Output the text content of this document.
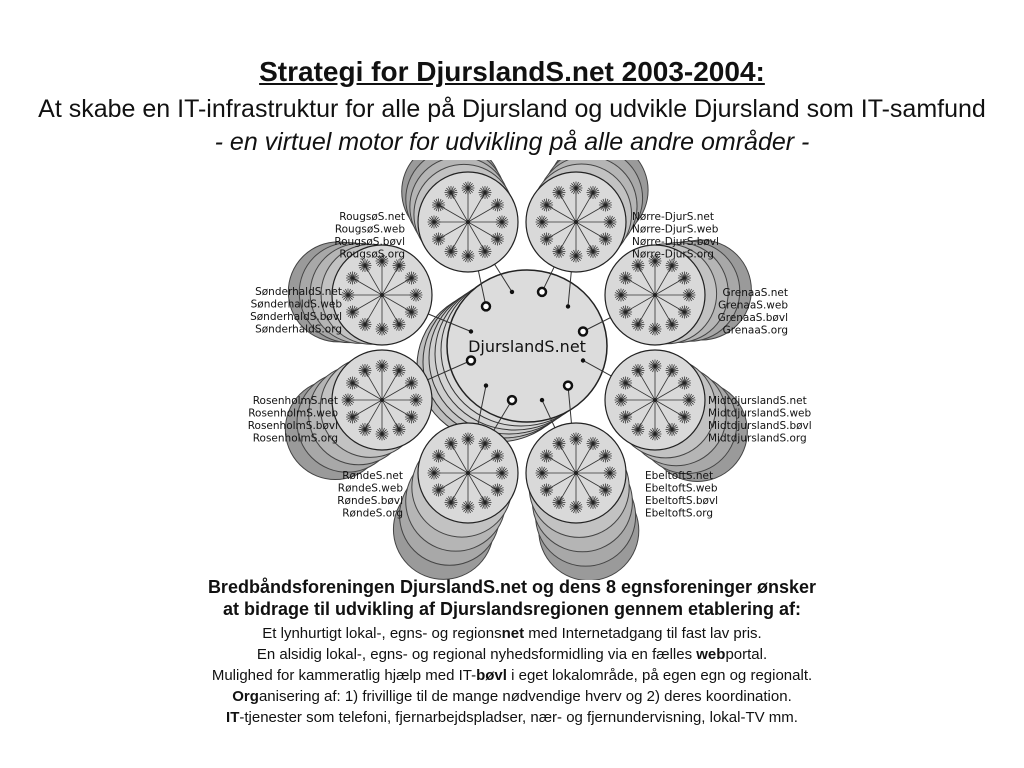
Strategi for DjurslandS.net 2003-2004:
At skabe en IT-infrastruktur for alle på Djursland og udvikle Djursland som IT-samfund
- en virtuel motor for udvikling på alle andre områder -
DjurslandS.net
RougsøS.net
RougsøS.web
RougsøS.bøvl
RougsøS.org
Nørre-DjurS.net
Nørre-DjurS.web
Nørre-DjurS.bøvl
Nørre-DjurS.org
GrenaaS.net
GrenaaS.web
GrenaaS.bøvl
GrenaaS.org
MidtdjurslandS.net
MidtdjurslandS.web
MidtdjurslandS.bøvl
MidtdjurslandS.org
EbeltoftS.net
EbeltoftS.web
EbeltoftS.bøvl
EbeltoftS.org
RøndeS.net
RøndeS.web
RøndeS.bøvl
RøndeS.org
RosenholmS.net
RosenholmS.web
RosenholmS.bøvl
RosenholmS.org
SønderhaldS.net
SønderhaldS.web
SønderhaldS.bøvl
SønderhaldS.org
Bredbåndsforeningen DjurslandS.net og dens 8 egnsforeninger ønsker
at bidrage til udvikling af Djurslandsregionen gennem etablering af:
Et lynhurtigt lokal-, egns- og regionsnet med Internetadgang til fast lav pris.
En alsidig lokal-, egns- og regional nyhedsformidling via en fælles webportal.
Mulighed for kammeratlig hjælp med IT-bøvl i eget lokalområde, på egen egn og regionalt.
Organisering af: 1) frivillige til de mange nødvendige hverv og 2) deres koordination.
IT-tjenester som telefoni, fjernarbejdspladser, nær- og fjernundervisning, lokal-TV mm.
